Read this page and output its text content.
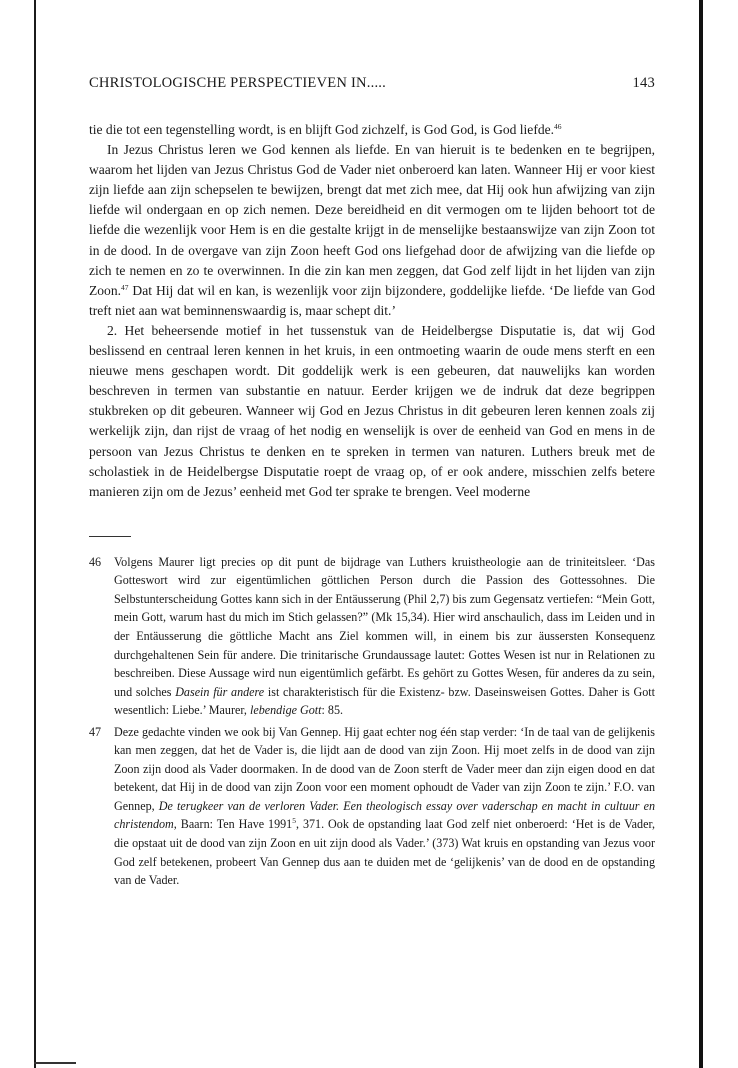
CHRISTOLOGISCHE PERSPECTIEVEN IN.....	143

tie die tot een tegenstelling wordt, is en blijft God zichzelf, is God God, is God liefde.$^{46}$

In Jezus Christus leren we God kennen als liefde. En van hieruit is te bedenken en te begrijpen, waarom het lijden van Jezus Christus God de Vader niet onberoerd kan laten. Wanneer Hij er voor kiest zijn liefde aan zijn schepselen te bewijzen, brengt dat met zich mee, dat Hij ook hun afwijzing van zijn liefde wil ondergaan en op zich nemen. Deze bereidheid en dit vermogen om te lijden behoort tot de liefde die wezenlijk voor Hem is en die gestalte krijgt in de menselijke bestaanswijze van zijn Zoon tot in de dood. In de overgave van zijn Zoon heeft God ons liefgehad door de afwijzing van die liefde op zich te nemen en zo te overwinnen. In die zin kan men zeggen, dat God zelf lijdt in het lijden van zijn Zoon.$^{47}$ Dat Hij dat wil en kan, is wezenlijk voor zijn bijzondere, goddelijke liefde. ‘De liefde van God treft niet aan wat beminnenswaardig is, maar schept dit.’

2. Het beheersende motief in het tussenstuk van de Heidelbergse Disputatie is, dat wij God beslissend en centraal leren kennen in het kruis, in een ontmoeting waarin de oude mens sterft en een nieuwe mens geschapen wordt. Dit goddelijk werk is een gebeuren, dat nauwelijks kan worden beschreven in termen van substantie en natuur. Eerder krijgen we de indruk dat deze begrippen stukbreken op dit gebeuren. Wanneer wij God en Jezus Christus in dit gebeuren leren kennen zoals zij werkelijk zijn, dan rijst de vraag of het nodig en wenselijk is over de eenheid van God en mens in de persoon van Jezus Christus te denken en te spreken in termen van naturen. Luthers breuk met de scholastiek in de Heidelbergse Disputatie roept de vraag op, of er ook andere, misschien zelfs betere manieren zijn om de Jezus’ eenheid met God ter sprake te brengen. Veel moderne

46 Volgens Maurer ligt precies op dit punt de bijdrage van Luthers kruistheologie aan de triniteitsleer. ‘Das Gotteswort wird zur eigentümlichen göttlichen Person durch die Passion des Gottessohnes. Die Selbstunterscheidung Gottes kann sich in der Entäusserung (Phil 2,7) bis zum Gegensatz vertiefen: “Mein Gott, mein Gott, warum hast du mich im Stich gelassen?” (Mk 15,34). Hier wird anschaulich, dass im Leiden und in der Entäusserung die göttliche Macht ans Ziel kommen will, in einem bis zur äussersten Konsequenz durchgehaltenen Sein für andere. Die trinitarische Grundaussage lautet: Gottes Wesen ist nur in Relationen zu beschreiben. Diese Aussage wird nun eigentümlich gefärbt. Es gehört zu Gottes Wesen, für anderes da zu sein, und solches Dasein für andere ist charakteristisch für die Existenz- bzw. Daseinsweisen Gottes. Daher is Gott wesentlich: Liebe.’ Maurer, lebendige Gott: 85.
47 Deze gedachte vinden we ook bij Van Gennep. Hij gaat echter nog één stap verder: ‘In de taal van de gelijkenis kan men zeggen, dat het de Vader is, die lijdt aan de dood van zijn Zoon. Hij moet zelfs in de dood van zijn Zoon zijn dood als Vader doormaken. In de dood van de Zoon sterft de Vader meer dan zijn eigen dood en dat betekent, dat Hij in de dood van zijn Zoon voor een moment ophoudt de Vader van zijn Zoon te zijn.’ F.O. van Gennep, De terugkeer van de verloren Vader. Een theologisch essay over vaderschap en macht in cultuur en christendom, Baarn: Ten Have 1991$^5$, 371. Ook de opstanding laat God zelf niet onberoerd: ‘Het is de Vader, die opstaat uit de dood van zijn Zoon en uit zijn dood als Vader.’ (373) Wat kruis en opstanding van Jezus voor God zelf betekenen, probeert Van Gennep dus aan te duiden met de ‘gelijkenis’ van de dood en de opstanding van de Vader.
